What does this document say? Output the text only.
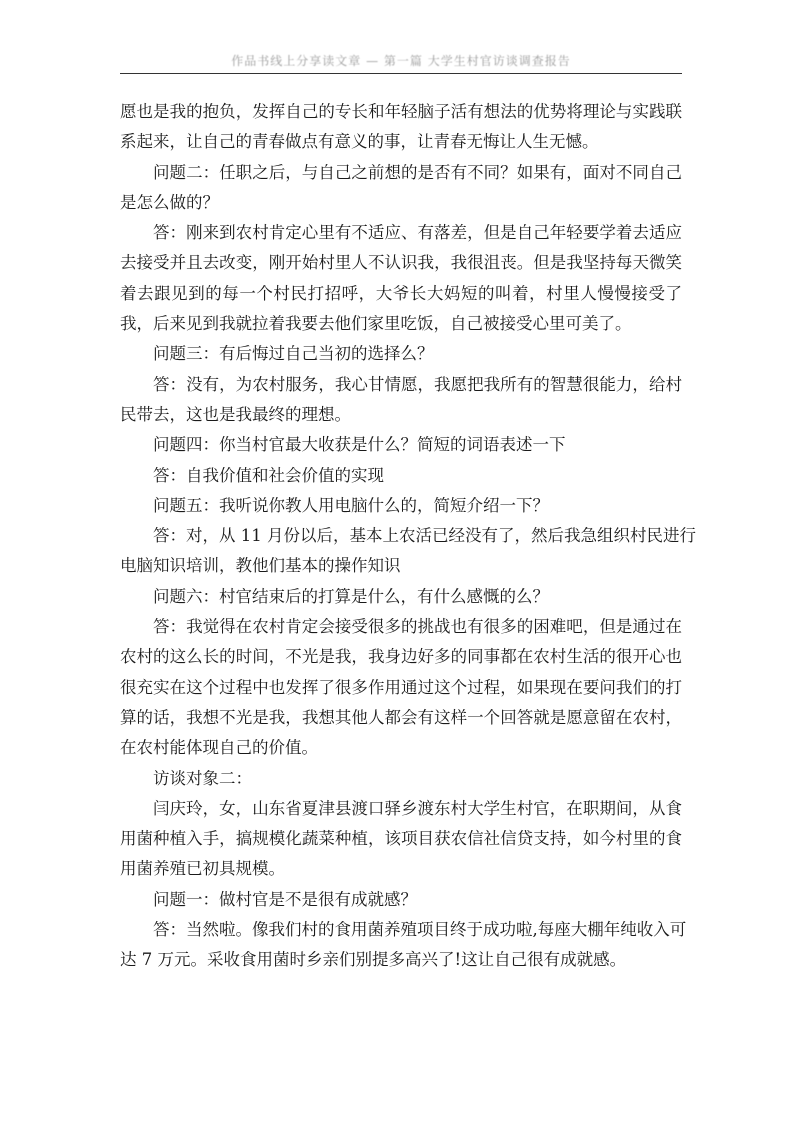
作品书线上分享读文章 — 第一篇 大学生村官访谈调查报告

愿也是我的抱负，发挥自己的专长和年轻脑子活有想法的优势将理论与实践联
系起来，让自己的青春做点有意义的事，让青春无悔让人生无憾。

问题二：任职之后，与自己之前想的是否有不同？如果有，面对不同自己
是怎么做的？

答：刚来到农村肯定心里有不适应、有落差，但是自己年轻要学着去适应
去接受并且去改变，刚开始村里人不认识我，我很沮丧。但是我坚持每天微笑
着去跟见到的每一个村民打招呼，大爷长大妈短的叫着，村里人慢慢接受了
我，后来见到我就拉着我要去他们家里吃饭，自己被接受心里可美了。

问题三：有后悔过自己当初的选择么？

答：没有，为农村服务，我心甘情愿，我愿把我所有的智慧很能力，给村
民带去，这也是我最终的理想。

问题四：你当村官最大收获是什么？简短的词语表述一下

答：自我价值和社会价值的实现

问题五：我听说你教人用电脑什么的，简短介绍一下？

答：对，从 11 月份以后，基本上农活已经没有了，然后我急组织村民进行
电脑知识培训，教他们基本的操作知识

问题六：村官结束后的打算是什么，有什么感慨的么？

答：我觉得在农村肯定会接受很多的挑战也有很多的困难吧，但是通过在
农村的这么长的时间，不光是我，我身边好多的同事都在农村生活的很开心也
很充实在这个过程中也发挥了很多作用通过这个过程，如果现在要问我们的打
算的话，我想不光是我，我想其他人都会有这样一个回答就是愿意留在农村，
在农村能体现自己的价值。

访谈对象二：

闫庆玲，女，山东省夏津县渡口驿乡渡东村大学生村官，在职期间，从食
用菌种植入手，搞规模化蔬菜种植，该项目获农信社信贷支持，如今村里的食
用菌养殖已初具规模。

问题一：做村官是不是很有成就感？

答：当然啦。像我们村的食用菌养殖项目终于成功啦,每座大棚年纯收入可
达 7 万元。采收食用菌时乡亲们别提多高兴了!这让自己很有成就感。
